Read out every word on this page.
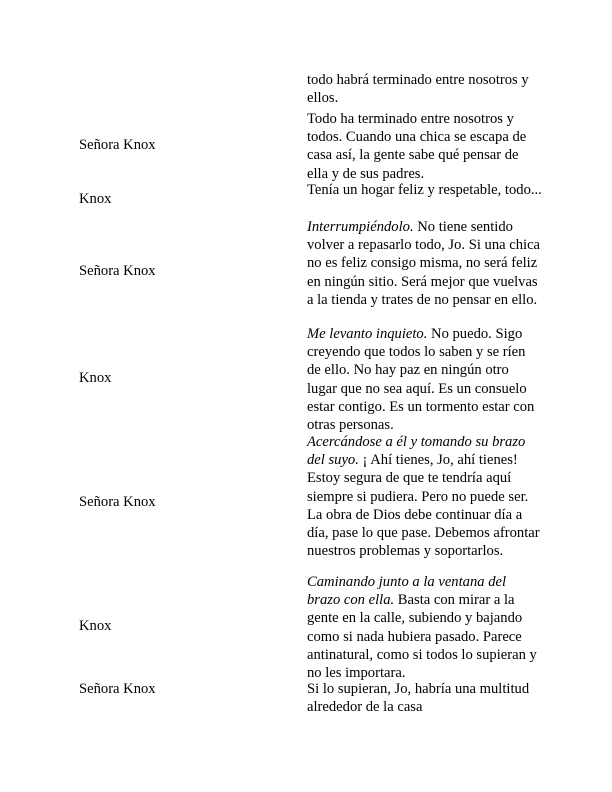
todo habrá terminado entre nosotros y ellos.
Señora Knox
Todo ha terminado entre nosotros y todos. Cuando una chica se escapa de casa así, la gente sabe qué pensar de ella y de sus padres.
Knox
Tenía un hogar feliz y respetable, todo...
Señora Knox
Interrumpiéndolo. No tiene sentido volver a repasarlo todo, Jo. Si una chica no es feliz consigo misma, no será feliz en ningún sitio. Será mejor que vuelvas a la tienda y trates de no pensar en ello.
Knox
Me levanto inquieto. No puedo. Sigo creyendo que todos lo saben y se ríen de ello. No hay paz en ningún otro lugar que no sea aquí. Es un consuelo estar contigo. Es un tormento estar con otras personas.
Señora Knox
Acercándose a él y tomando su brazo del suyo. ¡ Ahí tienes, Jo, ahí tienes! Estoy segura de que te tendría aquí siempre si pudiera. Pero no puede ser. La obra de Dios debe continuar día a día, pase lo que pase. Debemos afrontar nuestros problemas y soportarlos.
Knox
Caminando junto a la ventana del brazo con ella. Basta con mirar a la gente en la calle, subiendo y bajando como si nada hubiera pasado. Parece antinatural, como si todos lo supieran y no les importara.
Señora Knox	Si lo supieran, Jo, habría una multitud alrededor de la casa
